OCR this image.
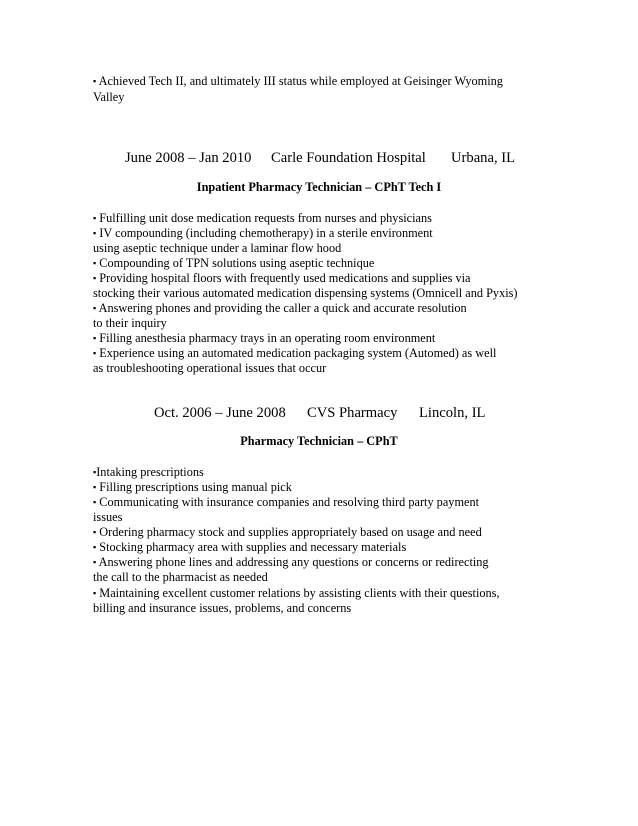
▪ Achieved Tech II, and ultimately III status while employed at Geisinger Wyoming
Valley
June 2008 – Jan 2010 Carle Foundation Hospital Urbana, IL
Inpatient Pharmacy Technician – CPhT Tech I
▪ Fulfilling unit dose medication requests from nurses and physicians
▪ IV compounding (including chemotherapy) in a sterile environment
using aseptic technique under a laminar flow hood
▪ Compounding of TPN solutions using aseptic technique
▪ Providing hospital floors with frequently used medications and supplies via
stocking their various automated medication dispensing systems (Omnicell and Pyxis)
▪ Answering phones and providing the caller a quick and accurate resolution
to their inquiry
▪ Filling anesthesia pharmacy trays in an operating room environment
▪ Experience using an automated medication packaging system (Automed) as well
as troubleshooting operational issues that occur
Oct. 2006 – June 2008 CVS Pharmacy Lincoln, IL
Pharmacy Technician – CPhT
▪Intaking prescriptions
▪ Filling prescriptions using manual pick
▪ Communicating with insurance companies and resolving third party payment
issues
▪ Ordering pharmacy stock and supplies appropriately based on usage and need
▪ Stocking pharmacy area with supplies and necessary materials
▪ Answering phone lines and addressing any questions or concerns or redirecting
the call to the pharmacist as needed
▪ Maintaining excellent customer relations by assisting clients with their questions,
billing and insurance issues, problems, and concerns
